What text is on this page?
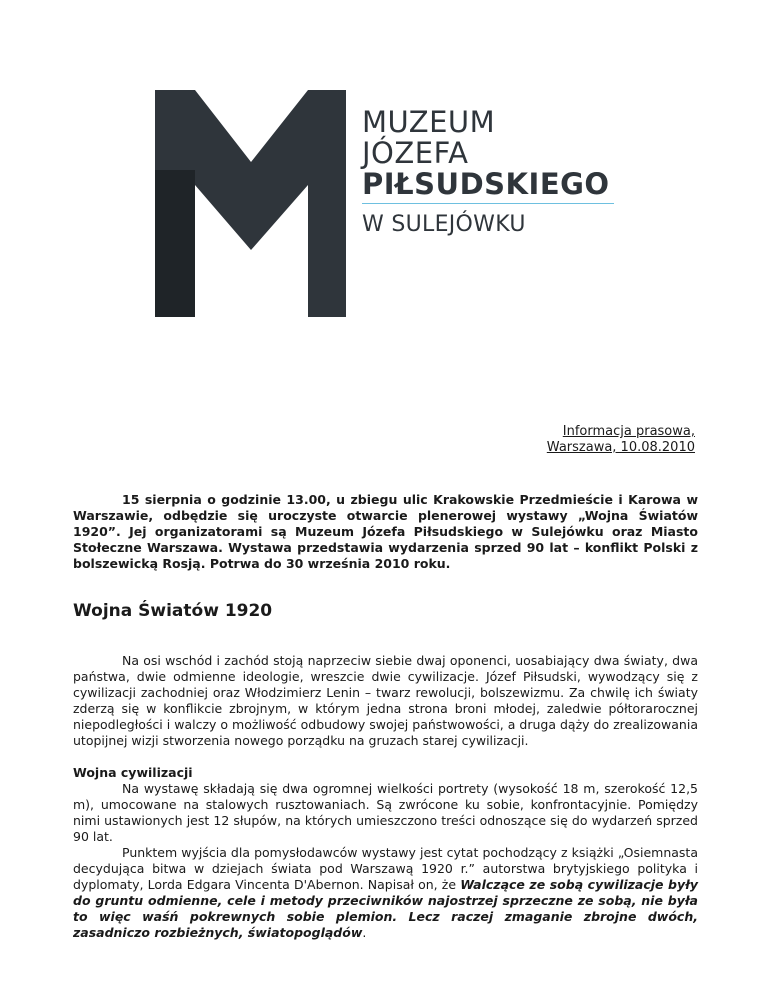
MUZEUM
JÓZEFA
PIŁSUDSKIEGO
W SULEJÓWKU
Informacja prasowa,
Warszawa, 10.08.2010

15 sierpnia o godzinie 13.00, u zbiegu ulic Krakowskie Przedmieście i Karowa w Warszawie, odbędzie się uroczyste otwarcie plenerowej wystawy „Wojna Światów 1920”. Jej organizatorami są Muzeum Józefa Piłsudskiego w Sulejówku oraz Miasto Stołeczne Warszawa. Wystawa przedstawia wydarzenia sprzed 90 lat – konflikt Polski z bolszewicką Rosją. Potrwa do 30 września 2010 roku.

Wojna Światów 1920

Na osi wschód i zachód stoją naprzeciw siebie dwaj oponenci, uosabiający dwa światy, dwa państwa, dwie odmienne ideologie, wreszcie dwie cywilizacje. Józef Piłsudski, wywodzący się z cywilizacji zachodniej oraz Włodzimierz Lenin – twarz rewolucji, bolszewizmu. Za chwilę ich światy zderzą się w konflikcie zbrojnym, w którym jedna strona broni młodej, zaledwie półtorarocznej niepodległości i walczy o możliwość odbudowy swojej państwowości, a druga dąży do zrealizowania utopijnej wizji stworzenia nowego porządku na gruzach starej cywilizacji.

Wojna cywilizacji
Na wystawę składają się dwa ogromnej wielkości portrety (wysokość 18 m, szerokość 12,5 m), umocowane na stalowych rusztowaniach. Są zwrócone ku sobie, konfrontacyjnie. Pomiędzy nimi ustawionych jest 12 słupów, na których umieszczono treści odnoszące się do wydarzeń sprzed 90 lat.
Punktem wyjścia dla pomysłodawców wystawy jest cytat pochodzący z książki „Osiemnasta decydująca bitwa w dziejach świata pod Warszawą 1920 r.” autorstwa brytyjskiego polityka i dyplomaty, Lorda Edgara Vincenta D'Abernon. Napisał on, że Walczące ze sobą cywilizacje były do gruntu odmienne, cele i metody przeciwników najostrzej sprzeczne ze sobą, nie była to więc waśń pokrewnych sobie plemion. Lecz raczej zmaganie zbrojne dwóch, zasadniczo rozbieżnych, światopoglądów.
